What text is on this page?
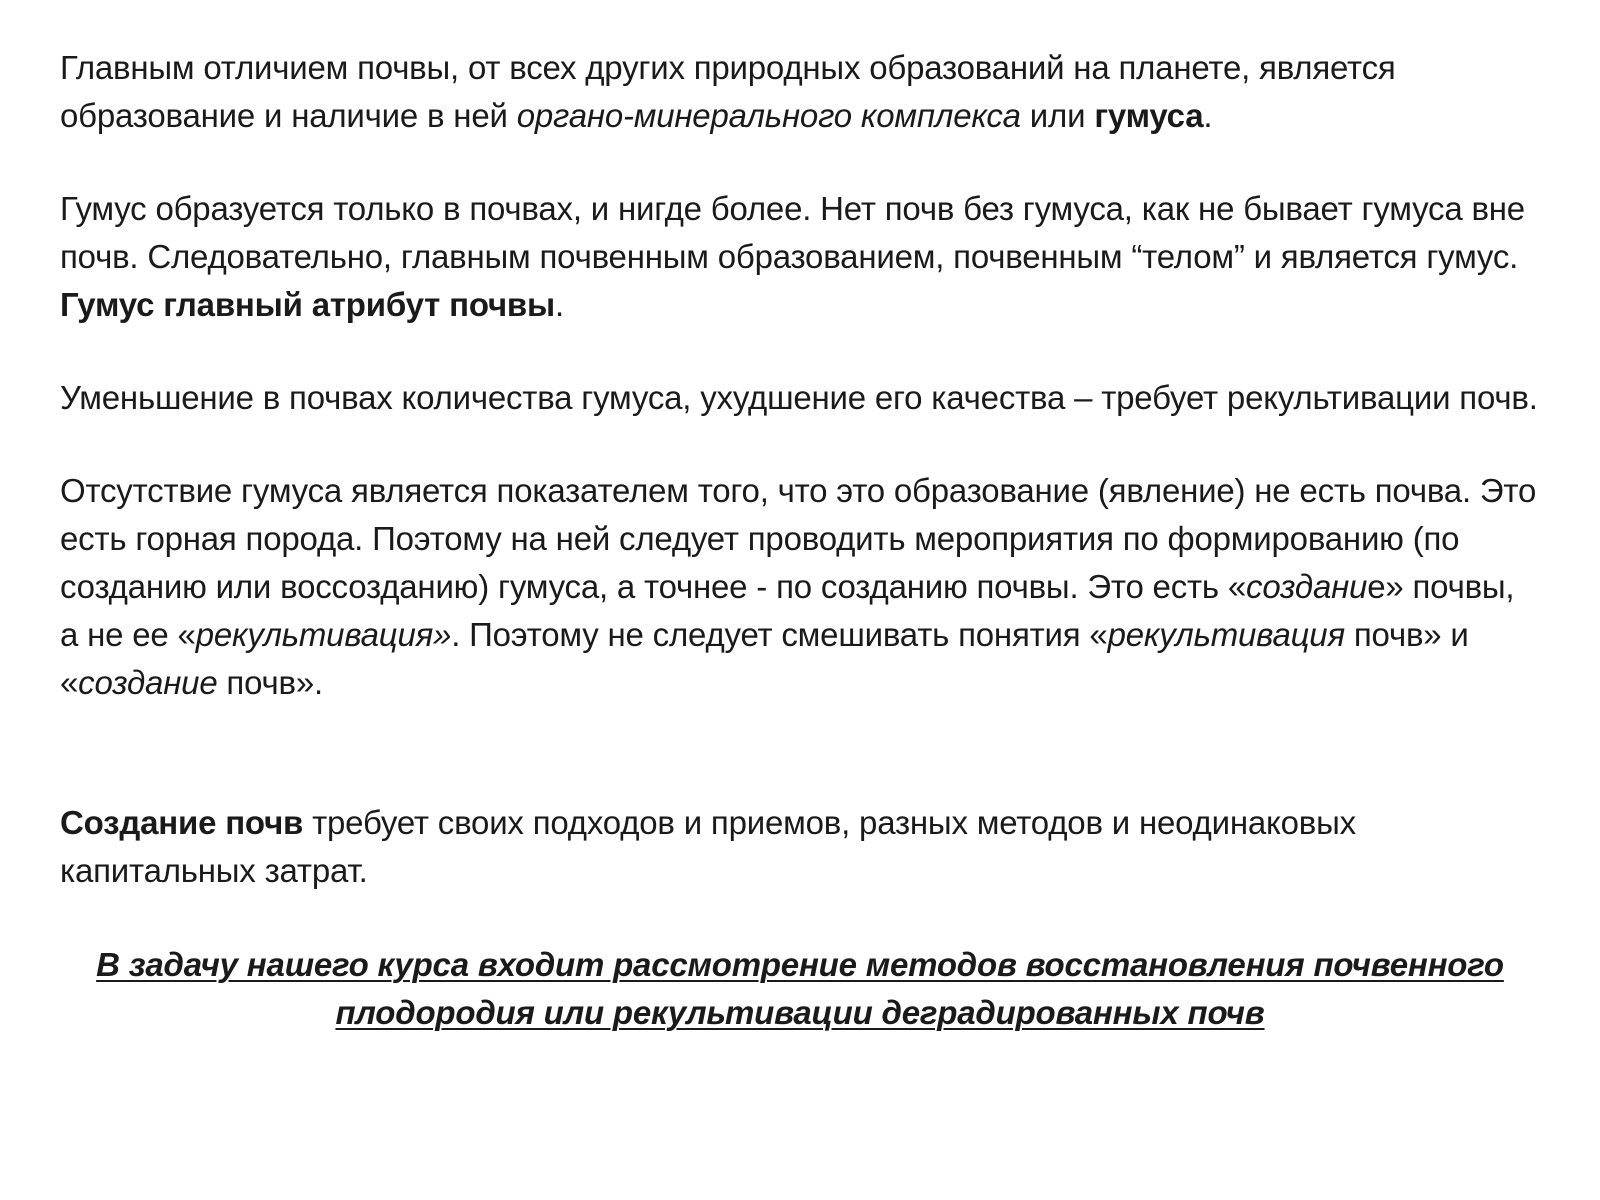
Главным отличием почвы, от всех других природных образований на планете, является образование и наличие в ней органо-минерального комплекса или гумуса.

Гумус образуется только в почвах, и нигде более. Нет почв без гумуса, как не бывает гумуса вне почв. Следовательно, главным почвенным образованием, почвенным “телом” и является гумус. Гумус главный атрибут почвы.

Уменьшение в почвах количества гумуса, ухудшение его качества – требует рекультивации почв.

Отсутствие гумуса является показателем того, что это образование (явление) не есть почва. Это есть горная порода. Поэтому на ней следует проводить мероприятия по формированию (по созданию или воссозданию) гумуса, а точнее - по созданию почвы. Это есть «создание» почвы, а не ее «рекультивация». Поэтому не следует смешивать понятия «рекультивация почв» и «создание почв».

Создание почв требует своих подходов и приемов, разных методов и неодинаковых капитальных затрат.

В задачу нашего курса входит рассмотрение методов восстановления почвенного плодородия или рекультивации деградированных почв
